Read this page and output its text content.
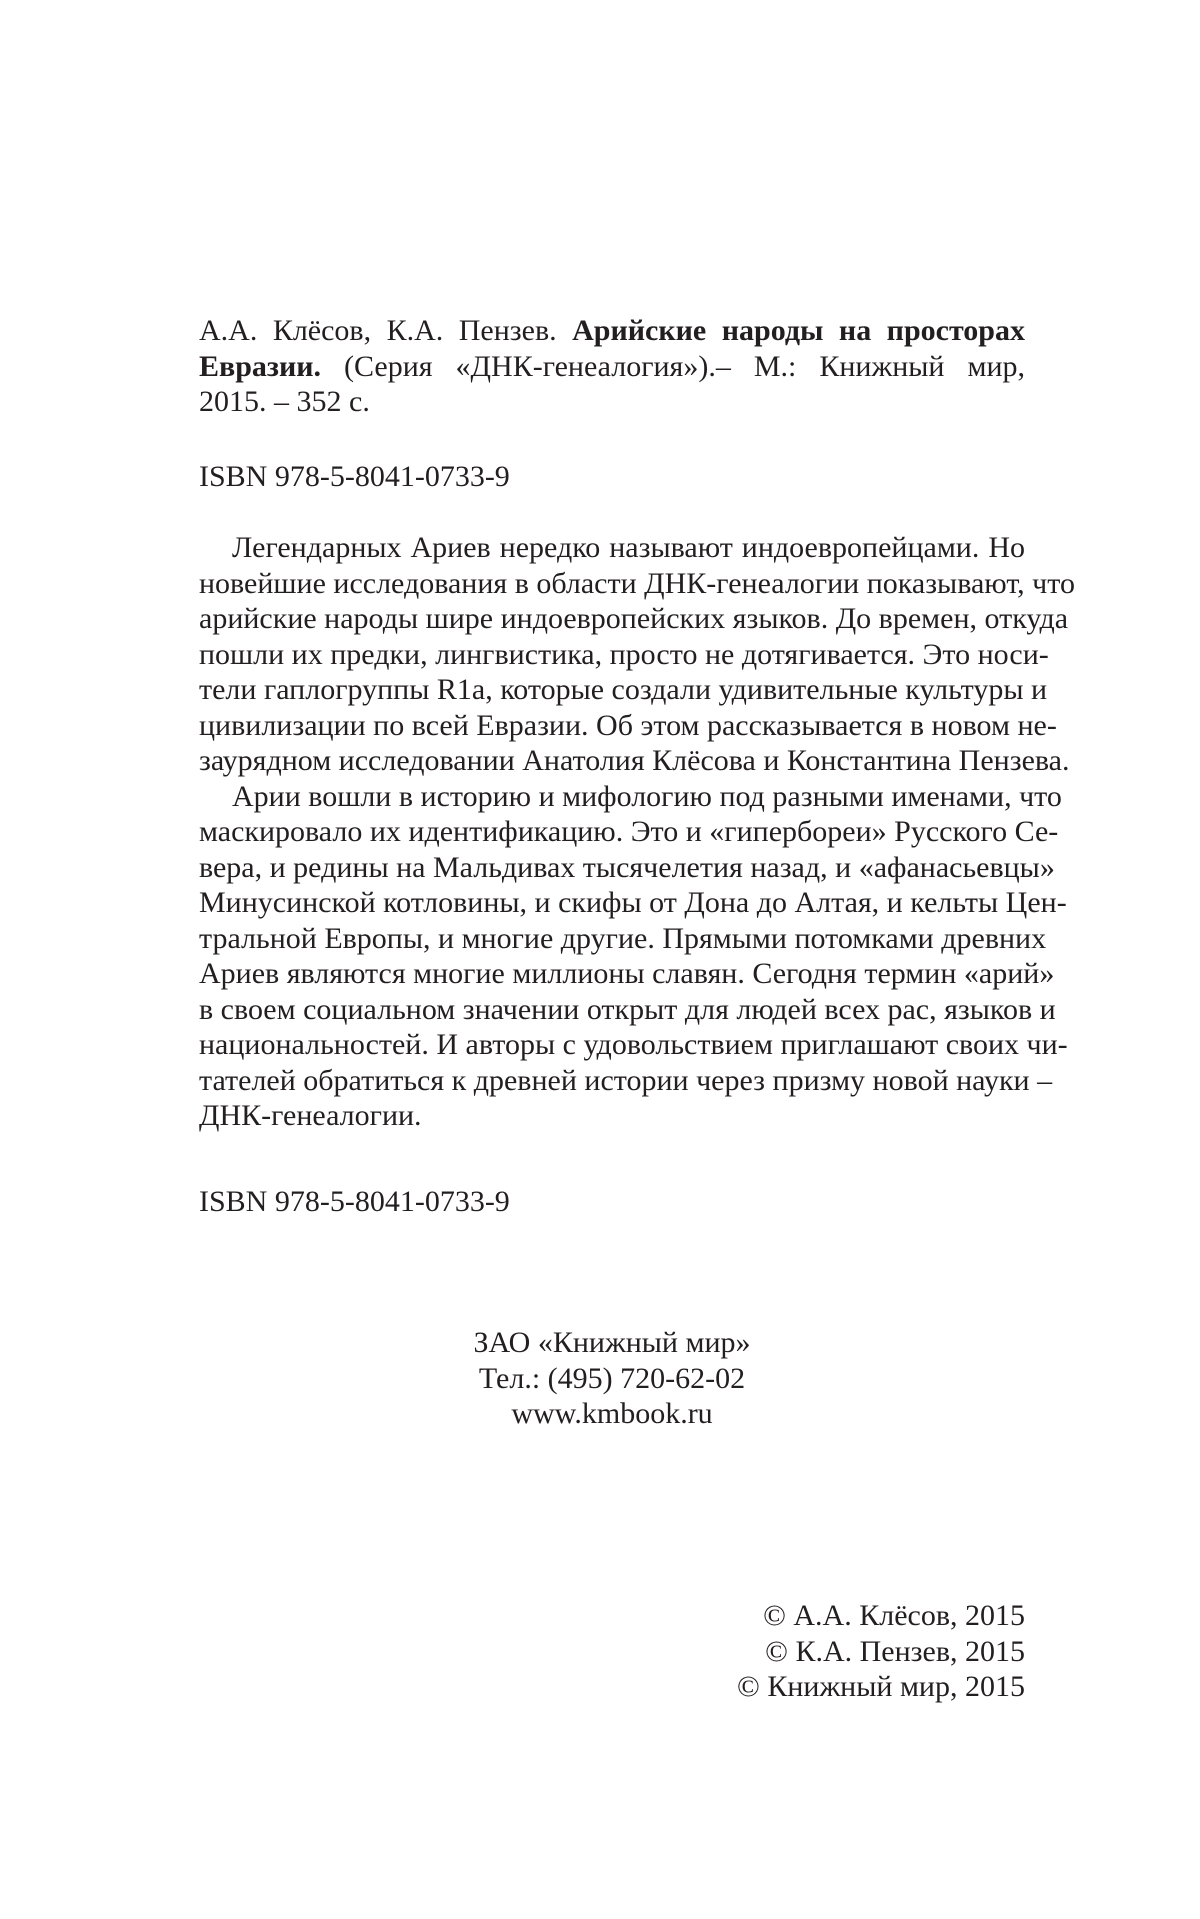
А.А. Клёсов, К.А. Пензев. Арийские народы на просторах
Евразии. (Серия «ДНК-генеалогия»).– М.: Книжный мир,
2015. – 352 с.
ISBN 978-5-8041-0733-9
Легендарных Ариев нередко называют индоевропейцами. Но
новейшие исследования в области ДНК-генеалогии показывают, что
арийские народы шире индоевропейских языков. До времен, откуда
пошли их предки, лингвистика, просто не дотягивается. Это носи-
тели гаплогруппы R1a, которые создали удивительные культуры и
цивилизации по всей Евразии. Об этом рассказывается в новом не-
заурядном исследовании Анатолия Клёсова и Константина Пензева.
Арии вошли в историю и мифологию под разными именами, что
маскировало их идентификацию. Это и «гипербореи» Русского Се-
вера, и редины на Мальдивах тысячелетия назад, и «афанасьевцы»
Минусинской котловины, и скифы от Дона до Алтая, и кельты Цен-
тральной Европы, и многие другие. Прямыми потомками древних
Ариев являются многие миллионы славян. Сегодня термин «арий»
в своем социальном значении открыт для людей всех рас, языков и
национальностей. И авторы с удовольствием приглашают своих чи-
тателей обратиться к древней истории через призму новой науки –
ДНК-генеалогии.
ISBN 978-5-8041-0733-9
ЗАО «Книжный мир»
Тел.: (495) 720-62-02
www.kmbook.ru
© А.А. Клёсов, 2015
© К.А. Пензев, 2015
© Книжный мир, 2015
